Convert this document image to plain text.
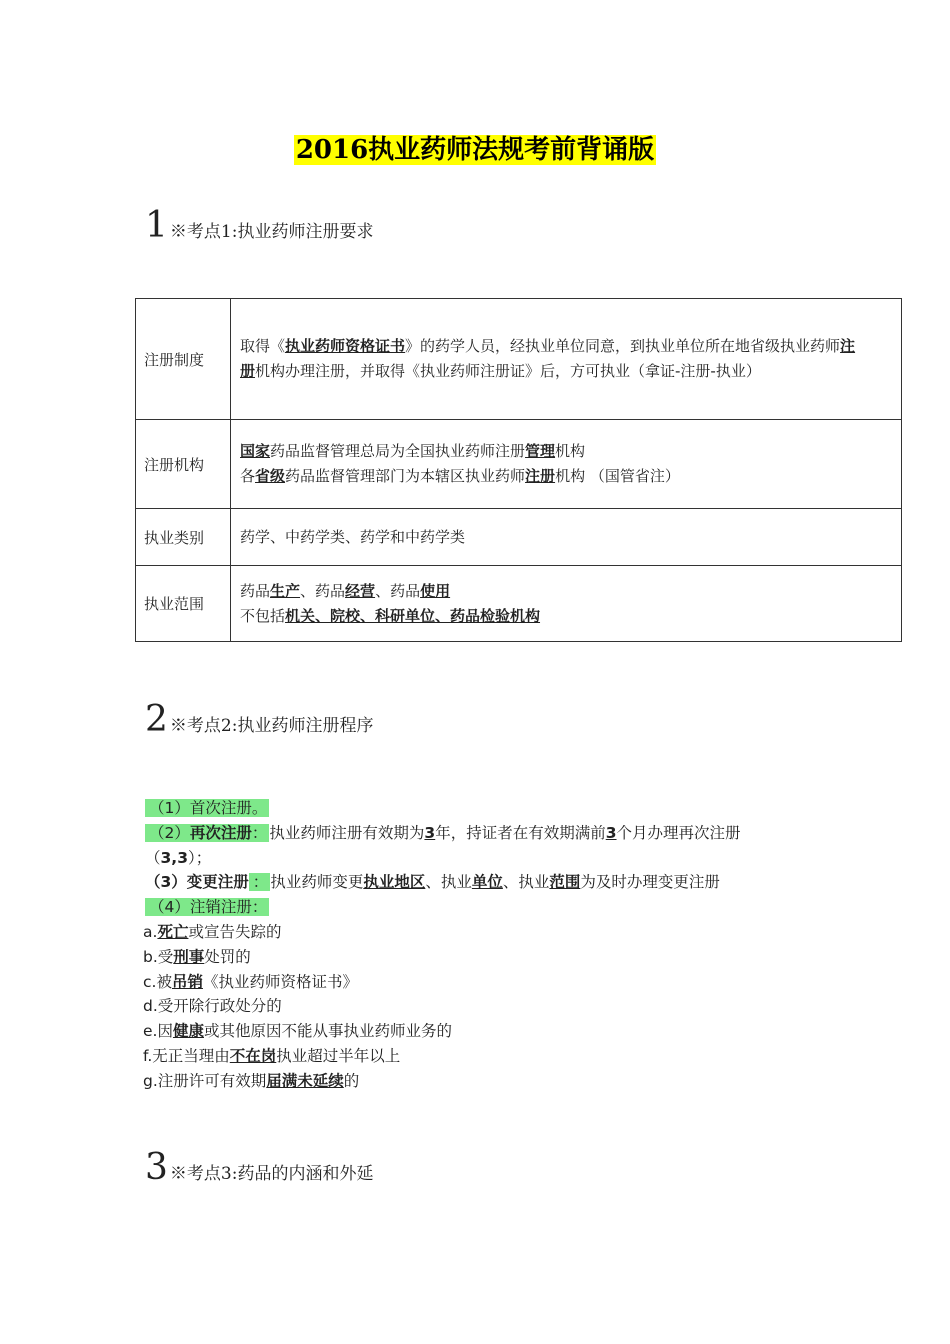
2016执业药师法规考前背诵版
1 ※考点1:执业药师注册要求
注册制度	取得《执业药师资格证书》的药学人员，经执业单位同意，到执业单位所在地省级执业药师注
册机构办理注册，并取得《执业药师注册证》后，方可执业（拿证-注册-执业）

注册机构	国家药品监督管理总局为全国执业药师注册管理机构
各省级药品监督管理部门为本辖区执业药师注册机构 （国管省注）

执业类别	药学、中药学类、药学和中药学类

执业范围	药品生产、药品经营、药品使用
不包括机关、院校、科研单位、药品检验机构
2 ※考点2:执业药师注册程序
（1）首次注册。
（2）再次注册： 执业药师注册有效期为3年，持证者在有效期满前3个月办理再次注册
（3,3）；
（3）变更注册 ： 执业药师变更执业地区、执业单位、执业范围为及时办理变更注册
（4）注销注册：
a.死亡或宣告失踪的
b.受刑事处罚的
c.被吊销《执业药师资格证书》
d.受开除行政处分的
e.因健康或其他原因不能从事执业药师业务的
f.无正当理由不在岗执业超过半年以上
g.注册许可有效期届满未延续的
3 ※考点3:药品的内涵和外延
